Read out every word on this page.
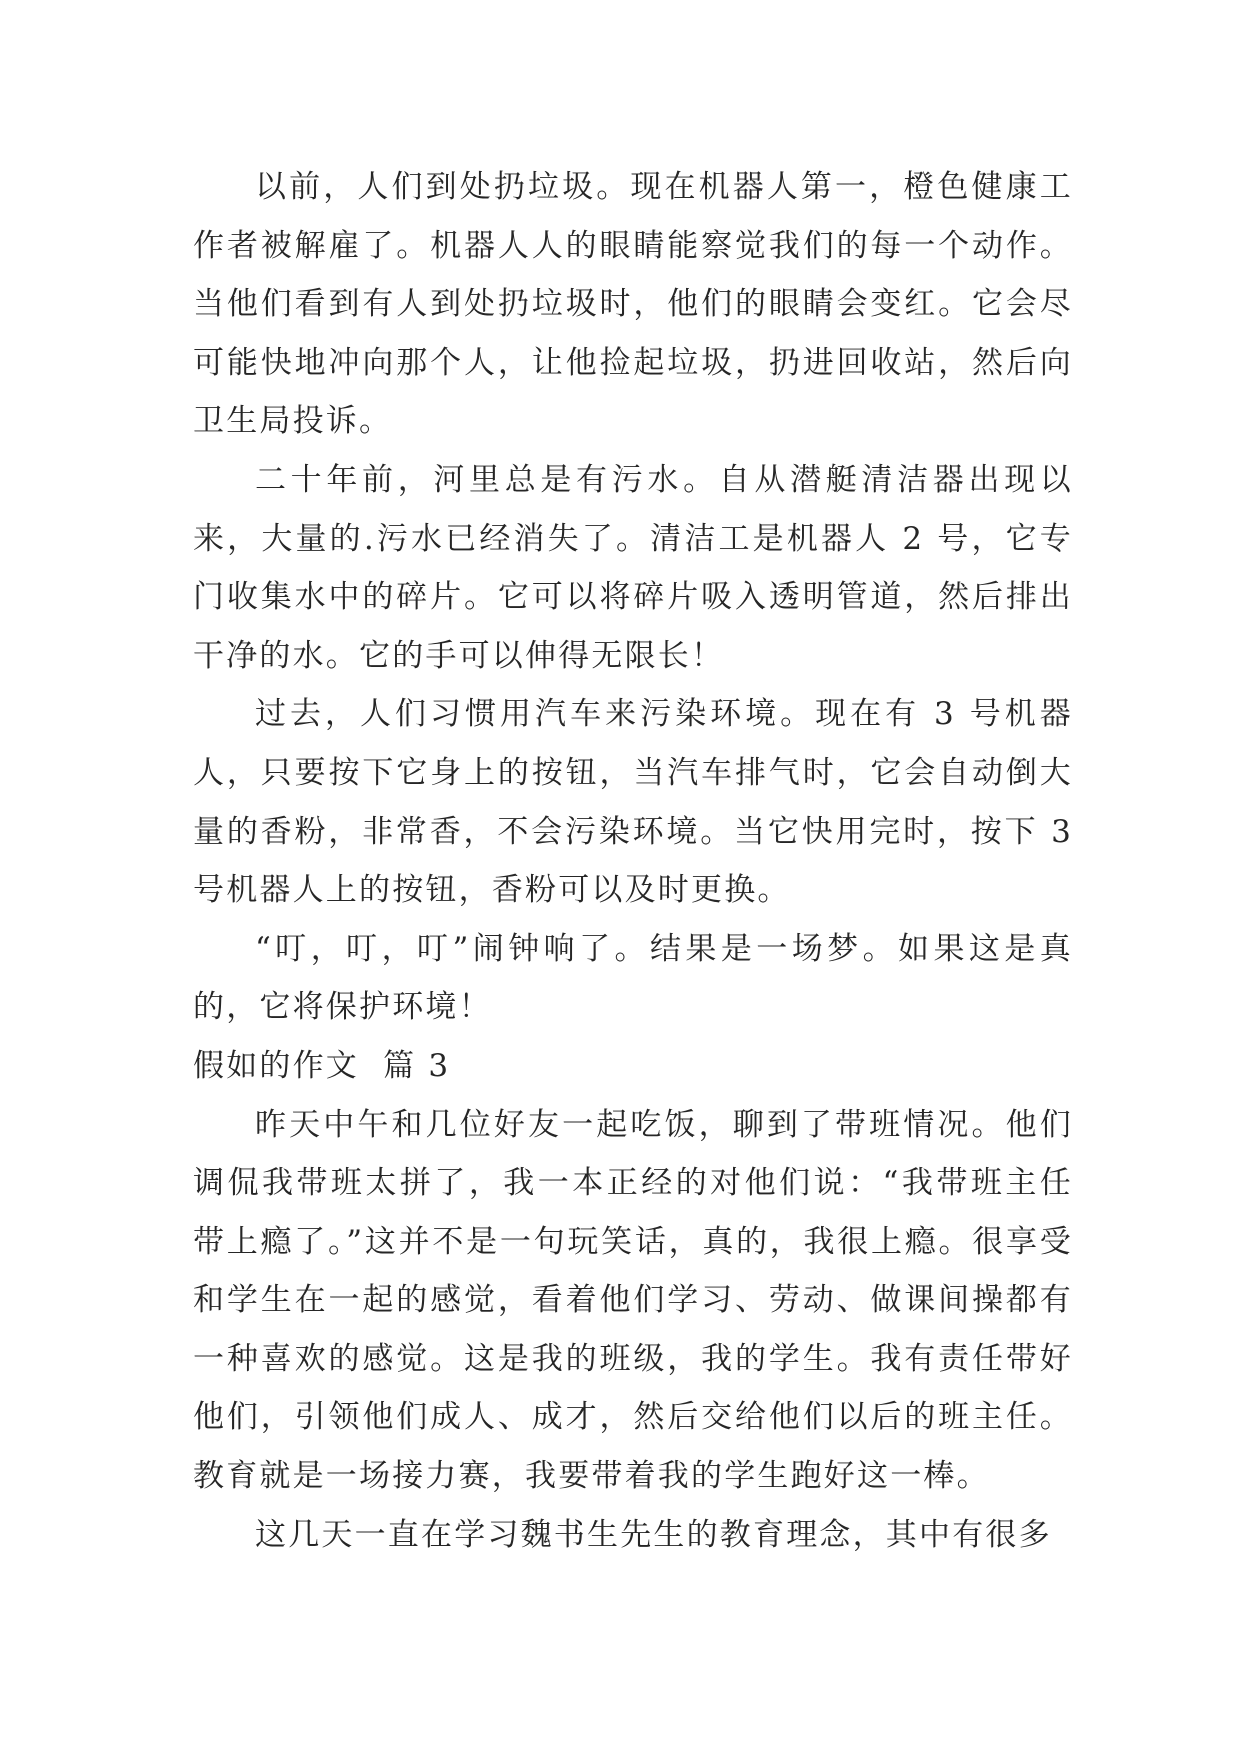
以前，人们到处扔垃圾。现在机器人第一，橙色健康工作者被解雇了。机器人人的眼睛能察觉我们的每一个动作。当他们看到有人到处扔垃圾时，他们的眼睛会变红。它会尽可能快地冲向那个人，让他捡起垃圾，扔进回收站，然后向卫生局投诉。

二十年前，河里总是有污水。自从潜艇清洁器出现以来，大量的.污水已经消失了。清洁工是机器人 2 号，它专门收集水中的碎片。它可以将碎片吸入透明管道，然后排出干净的水。它的手可以伸得无限长！

过去，人们习惯用汽车来污染环境。现在有 3 号机器人，只要按下它身上的按钮，当汽车排气时，它会自动倒大量的香粉，非常香，不会污染环境。当它快用完时，按下 3 号机器人上的按钮，香粉可以及时更换。

“叮，叮，叮”闹钟响了。结果是一场梦。如果这是真的，它将保护环境！

假如的作文  篇 3

昨天中午和几位好友一起吃饭，聊到了带班情况。他们调侃我带班太拼了，我一本正经的对他们说：“我带班主任带上瘾了。”这并不是一句玩笑话，真的，我很上瘾。很享受和学生在一起的感觉，看着他们学习、劳动、做课间操都有一种喜欢的感觉。这是我的班级，我的学生。我有责任带好他们，引领他们成人、成才，然后交给他们以后的班主任。教育就是一场接力赛，我要带着我的学生跑好这一棒。

这几天一直在学习魏书生先生的教育理念，其中有很多
